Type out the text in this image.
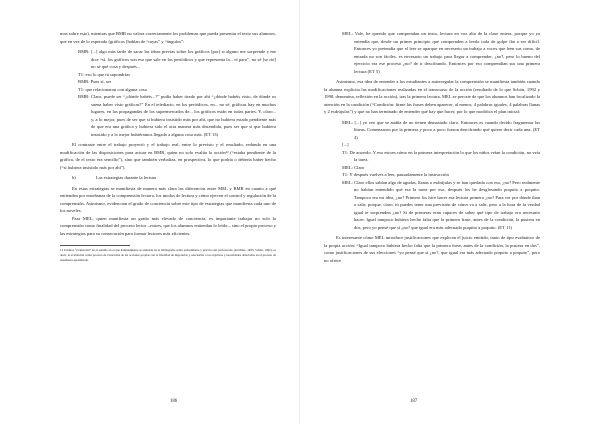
mos sobre esto), mientras que BMR no valora correctamente los problemas que pueda presentar el texto sus alumnos, que en vez de lo esperado (gráficos [hablan de “rayas” y “ángulos”:

BMR: [...] algo más tarde de sacar las ideas previas sobre los gráficos [por] si alguno me sorprende y me dice “sí, los gráficos son eso que sale en los periódicos y que representa la... el paro”, no sé [se rió] no sé qué cosa y después...

T1: eso lo que tú supondrías

BMR: Pues sí, ser

T1: que relacionaron con alguna cosa

BMR: Claro, puede ser “¿dónde habéis...?” pudía haber tirado por ahí “¿dónde habéis visto, de dónde os suena haber visto gráficas?” En el telediario, en los periódicos, en... no sé, gráficas hay en muchos lugares, en las propagandas de los supermercados de... los gráficos están en todas partes. Y, claro... y, a lo mejor, pues de ser que si hubiera insistido más por ahí, que no hubiera estado pendiente más de que era una gráfica y hubiera sido el otra manera más distendida, pues ser que si que hubiera insistido y a lo mejor hubiéramos llegado a alguna cosa más. (ET 13)

El contraste entre el trabajo proyectó y el trabajo real, entre lo previsto y el resultado, redunda en una modificación de las disposiciones para actuar en BMR, quien no solo evalúa la acción¹³ (“estaba pendiente de la gráfica, de el texto era sencillo”), sino que también verbaliza, en prospectiva, lo que podría o debería haber hecho (“si hubiera insistido más por ahí”).

b)	Las estrategias durante la lectura

En estas estrategias se manifiesta de manera más clara las diferencias entre MEL y BMR en cuanto a qué entienden por enseñanza de la comprensión lectora, los modos de lectura y cómo ejercen el control y regulación de la comprensión. Asimismo, evidencian el grado de conciencia sobre este tipo de estrategias que manifiesta cada uno de los noveles.

Para MEL, quien manifiesta un grado más elevado de conciencia, es importante trabajar no solo la comprensión como finalidad del proceso lector –estoes, que los alumnos entiendan lo leído–, sino el propio proceso y las estrategias para su consecución para formar lectores más eficientes:

13 Usamos “evaluación” en el sentido en el que habitualmente se entiende en la bibliografía sobre pensamiento y práctica del profesorado (Zeichner, 1993; Schön, 1992), es decir, la evaluación como proceso de valoración de las acciones propias con la finalidad de mejorarlas y adecuarlas a los objetivos y necesidades detectadas en el proceso de enseñanza-aprendizaje.

186

MEL: Vale, he querido que comprendan un texto, lectura en voz alta de la clase entera, porque yo ya entendía que, desde un primer principio que comprenden a leerla toda de golpe iba a ser difícil. Entonces yo pretendía que el leer se aparque en neceserio un trabajo a voces que leen sus como, de entrada no son fáciles, es necesario un trabajo para llegar a comprender, ¿no?, pero lo bueno del ejercicio era ese proceso ¿no? de ir descifrando. Entonces por eso comprendían sus una primera lectura (ET 5)

Asimismo, esa idea de entender a los estudiantes a autorregular la comprensión se manifiesta también cuando la alumna explicita las modificaciones realizadas en el transcurso de la acción (resultado de lo que Schön, 1992 y 1998, denomina, reflexión en la acción), tras la primera lectura, MEL se percate de que los alumnos han focalizado la atención en la condición (“Condición: firme las frases deben aparecer, al menos, 4 palabras iguales, 4 palabras llanas y 2 esdrújulas”) y que no han terminado de entender qué hay que hacer, por lo que modifica el plan inicial:

MEL: [...] yo veo que se atañía de no tienen demasiado claro. Entonces es cuando decido fragmentar las líneas. Comenzaron por la primera y poco a poco fueron descifrando qué quiere decir cada una. (ET 4)

[...]

T1: De acuerdo. Y eso estoes cómo en la primera interpretación lo que los niños veían la condición, no veía la tarea.

MEL: Claro

T1: Y después vuelves a leer, pausadamente la instrucción

MEL: Claro ellos sabían algo de agudas, llanas o esdrújulas y se han quedado con eso, ¿no? Pero realmente no habían entendido qué era la tarea por eso, después los he desglosando poquito a poquito. Tampoco era mi idea, ¿no? Primero los hice hacer esa lectura primero ¿no? Para ver por dónde iban a salir, porque, claro, tú puedes tener una previsión de cómo va a salir, pero a la hora de la verdad igual te sorprenden ¿no? Si de primeras eran capaces de saber qué tipo de trabajo era necesario hacer. Igual tampoco hubiera hecho falta que la primera frase, antes de la condición, la pusiera en dos, pero yo pensé que sí ¿no? que igual era más adecuado poquito a poquito. (ET 11)

Es interesante cómo MEL introduce justificaciones que explican el juicio emitido, tanto de tipo evaluativo de la propia acción: “Igual tampoco hubiera hecho falta que la primera frase, antes de la condición, la pusiera en dos”, como justificaciones de sus elecciones “yo pensé que sí ¿no?, que igual era más adecuado poquito a poquito”, pero no ofrece

187
